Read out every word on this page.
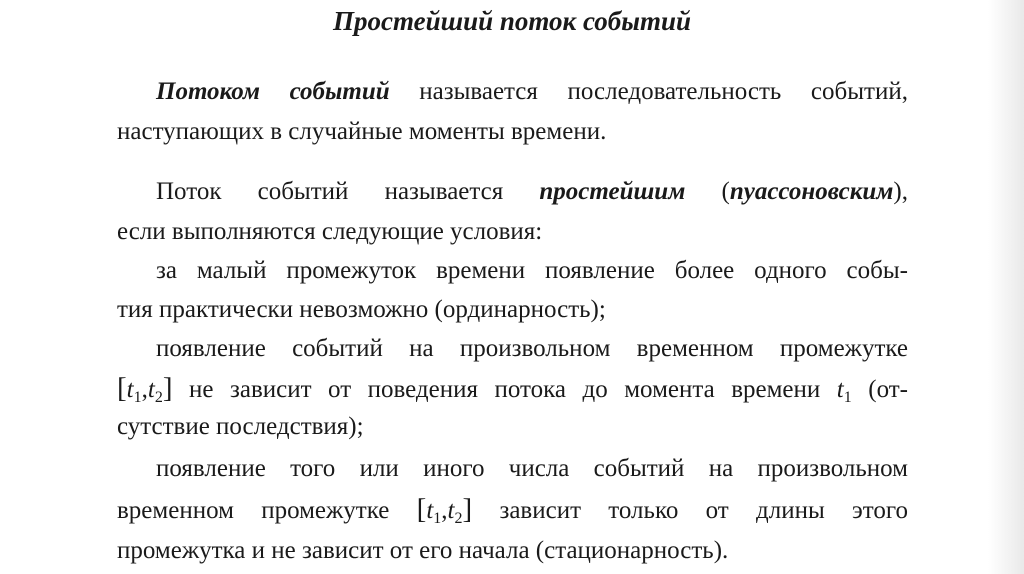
Простейший поток событий
Потоком событий называется последовательность событий,
наступающих в случайные моменты времени.
Поток событий называется простейшим (пуассоновским),
если выполняются следующие условия:
за малый промежуток времени появление более одного собы-
тия практически невозможно (ординарность);
появление событий на произвольном временном промежутке
$[t_1,t_2]$ не зависит от поведения потока до момента времени $t_1$ (от-
сутствие последствия);
появление того или иного числа событий на произвольном
временном промежутке $[t_1,t_2]$ зависит только от длины этого
промежутка и не зависит от его начала (стационарность).
